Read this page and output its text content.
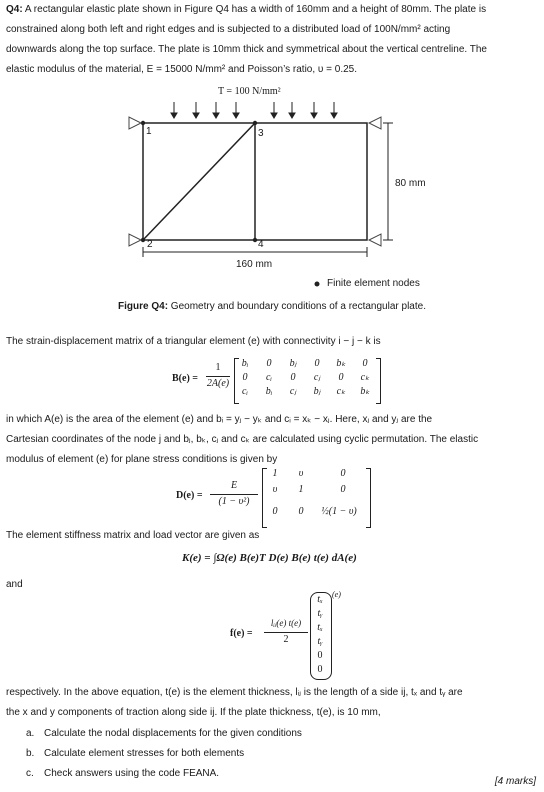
Q4: A rectangular elastic plate shown in Figure Q4 has a width of 160mm and a height of 80mm. The plate is
constrained along both left and right edges and is subjected to a distributed load of 100N/mm² acting
downwards along the top surface. The plate is 10mm thick and symmetrical about the vertical centreline. The
elastic modulus of the material, E = 15000 N/mm² and Poisson’s ratio, υ = 0.25.
T = 100 N/mm²
1
2
3
4
80 mm
160 mm
Finite element nodes
Figure Q4: Geometry and boundary conditions of a rectangular plate.
The strain-displacement matrix of a triangular element (e) with connectivity i − j − k is
B(e) =
1
2A(e)
bᵢ	0	bⱼ	0	bₖ	0
0	cᵢ	0	cⱼ	0	cₖ
cᵢ	bᵢ	cⱼ	bⱼ	cₖ bₖ
in which A(e) is the area of the element (e) and bᵢ = yⱼ − yₖ and cᵢ = xₖ − xⱼ. Here, xⱼ and yⱼ are the
Cartesian coordinates of the node j and bⱼ, bₖ, cⱼ and cₖ are calculated using cyclic permutation. The elastic
modulus of element (e) for plane stress conditions is given by
D(e) =
E
(1 − υ²)
1	υ	0
υ	1	0
0	0	½(1 − υ)
The element stiffness matrix and load vector are given as
K(e) = ∫Ω(e) B(e)T D(e) B(e) t(e) dA(e)
and
f(e) =
lᵢⱼ(e) t(e)
2
tₓ
tᵧ
tₓ
tᵧ
0
0
(e)
respectively. In the above equation, t(e) is the element thickness, lᵢⱼ is the length of a side ij, tₓ and tᵧ are
the x and y components of traction along side ij. If the plate thickness, t(e), is 10 mm,
a. Calculate the nodal displacements for the given conditions
b. Calculate element stresses for both elements
c. Check answers using the code FEANA.
[4 marks]
